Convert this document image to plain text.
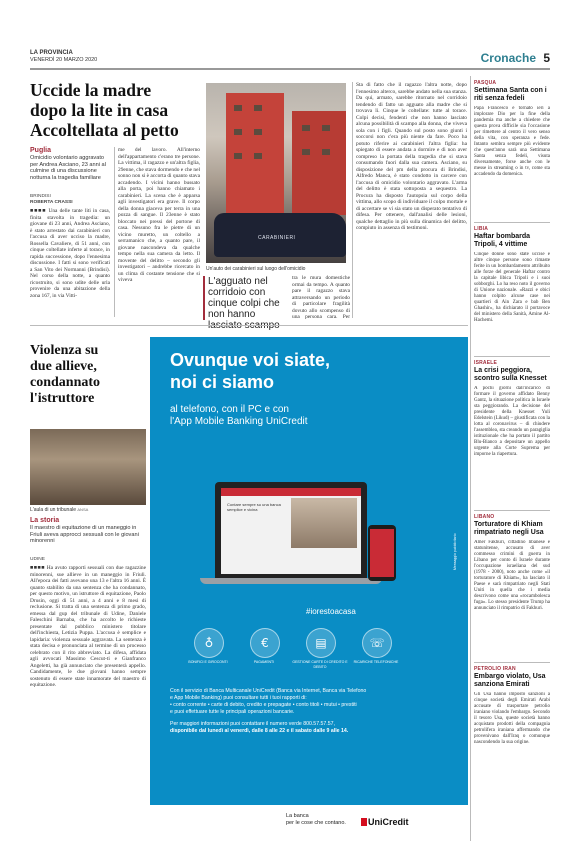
LA PROVINCIA
VENERDÌ 20 MARZO 2020	Cronache 5
Uccide la madre
dopo la lite in casa
Accoltellata al petto
Puglia
Omicidio volontario aggravato per Andrea Asciano, 23 anni al culmine di una discussione notturna la tragedia familiare
BRINDISI
ROBERTA CRASSI
■■■■ Una delle tante liti in casa, finita stavolta in tragedia: un giovane di 23 anni, Andrea Asciano, è stato arrestato dai carabinieri con l'accusa di aver ucciso la madre, Rossella Cavaliere, di 51 anni, con cinque coltellate inferte al torace, in rapida successione, dopo l'ennesima discussione. I fatti si sono verificati a San Vito dei Normanni (Brindisi). Nel corso della notte, a quanto ricostruito, si sono udite delle urla provenire da una abitazione della zona 167, in via Vitti-
me del lavoro. All'interno dell'appartamento c'erano tre persone. La vittima, il ragazzo e un'altra figlia, 29enne, che stava dormendo e che nel sonno non si è accorta di quanto stava accadendo. I vicini hanno bussato alla porta, poi hanno chiamato i carabinieri. La scena che è apparsa agli investigatori era grave. Il corpo della donna giaceva per terra in una pozza di sangue. Il 23enne è stato bloccato nei pressi del portone di casa. Nessuno fra le pietre di un vicino muretto, un coltello a serramanico che, a quanto pare, il giovane nascondeva da qualche tempo nella sua camera da letto. Il movente del delitto – secondo gli investigatori – andrebbe ricercato in un clima di costante tensione che si viveva
CARABINIERI
Un'auto dei carabinieri sul luogo dell'omicidio
L'agguato nel corridoio con cinque colpi che non hanno
tra le mura domestiche ormai da tempo. A quanto pare il ragazzo stava attraversando un periodo di particolare fragilità dovuto allo scompenso di una persona cara. Per
Sta di fatto che il ragazzo l'altra notte, dopo l'ennesimo alterco, sarebbe andato nella sua stanza. Da qui, armato, sarebbe ritornato nel corridoio tendendo di fatto un agguato alla madre che si trovava lì. Cinque le coltellate: tutte al torace. Colpi decisi, fendenti che non hanno lasciato alcuna possibilità di scampo alla donna, che viveva sola con i figli. Quando sul posto sono giunti i soccorsi non c'era più niente da fare. Poco ha potuto riferire ai carabinieri l'altra figlia: ha spiegato di essere andata a dormire e di non aver compreso la portata della tragedia che si stava consumando fuori dalla sua camera. Asciano, su disposizione del pm della procura di Brindisi, Alfredo Manca, è stato condotto in carcere con l'accusa di omicidio volontario aggravato. L'arma del delitto è stata sottoposta a sequestro. La Procura ha disposto l'autopsia sul corpo della vittima, allo scopo di individuare il colpo mortale e di accertare se vi sia stato un disperato tentativo di difesa. Per ottenere, dall'analisi delle lesioni, qualche dettaglio in più sulla dinamica del delitto, compiuto in assenza di testimoni.
Violenza su
due allieve,
condannato
l'istruttore
L'aula di un tribunale ANSA
La storia
Il maestro di equitazione di un maneggio in Friuli aveva approcci sessuali con le giovani minorenni
UDINE
■■■■ Ha avuto rapporti sessuali con due ragazzine minorenni, sue allieve in un maneggio in Friuli. All'epoca dei fatti avevano una 13 e l'altra 16 anni. È quanto stabilito da una sentenza che ha condannato, per questo motivo, un istruttore di equitazione, Paolo Drusin, oggi di 51 anni, a 4 anni e 8 mesi di reclusione. Si tratta di una sentenza di primo grado, emessa dal gup del tribunale di Udine, Daniele Faleschini Barnaba, che ha accolto le richieste presentate dal pubblico ministero titolare dell'inchiesta, Letizia Puppa. L'accusa è semplice e lapidaria: violenza sessuale aggravata. La sentenza è stata decisa e pronunciata al termine di un processo celebrato con il rito abbreviato. La difesa, affidata agli avvocati Massimo Cescut-ti e Gianfranco Angeletti, ha già annunciato che presenterà appello. Candidamente, le due giovani hanno sempre sostenuto di essere state innamorate del maestro di equitazione.
Ovunque voi siate,
noi ci siamo
al telefono, con il PC e con
l'App Mobile Banking UniCredit
Contare sempre su una banca semplice e vicina
#iorestoacasa
♁
BONIFICI E GIROCONTI
€
PAGAMENTI
▤
GESTIONE CARTE DI CREDITO E DEBITO
☏
RICARICHE TELEFONICHE
Con il servizio di Banca Multicanale UniCredit (Banca via Internet, Banca via Telefono
e App Mobile Banking) puoi consultare tutti i tuoi rapporti di:
• conto corrente • carte di debito, credito e prepagate • conto titoli • mutui • prestiti
e puoi effettuare tutte le principali operazioni bancarie.

Per maggiori informazioni puoi contattare il numero verde 800.57.57.57,
disponibile dal lunedì al venerdì, dalle 8 alle 22 e il sabato dalle 9 alle 14.
Messaggio pubblicitario
La banca
per le cose che contano. UniCredit
PASQUA
Settimana Santa con i riti senza fedeli
Papa Francesco è tornato ieri a implorare Dio per la fine della pandemia ma anche a chiedere che questa prova difficile sia l'occasione per rimettere al centro il vero senso della vita, con speranza e fede. Intanto sembra sempre più evidente che quest'anno sarà una Settimana Santa senza fedeli, visuta diversamente, forse anche con le messe in streaming o in tv, come sta accadendo da domenica.
LIBIA
Haftar bombarda Tripoli, 4 vittime
Cinque donne sono state uccise e altre cinque persone sono rimaste ferite in un bombardamento attribuito alle forze del generale Haftar contro la capitale libica Tripoli e i suoi sobborghi. Lo ha reso noto il governo di Unione nazionale. «Razzi e obici hanno colpito alcune case nei quartieri di Ain Zara e bab Ben Ghashir», ha dichiarato il portavoce del ministero della Sanità, Amine Al-Hachemi.
ISRAELE
La crisi peggiora, scontro sulla Knesset
A pochi giorni dall'incarico di formare il governo affidato Benny Gantz, la situazione politica in Israele sta peggiorando. La decisione del presidente della Knesset Yuli Edelstein (Likud) – giustificata con la lotta al coronavirus – di chiudere l'assemblea, sta creando un paragiglia istituzionale che ha portato il partito Blu-Bianco a depositare un appello urgente alla Corte Suprema per imporne la riapertura.
LIBANO
Torturatore di Khiam rimpatriato negli Usa
Amer Fakhuri, cittadino libanese e statunitense, accusato di aver commesso crimini di guerra in Libano per conto di Israele durante l'occupazione israeliana del sud (1978 - 2000), noto anche come «il torturatore di Khiam», ha lasciato il Paese e sarà rimpatriato negli Stati Uniti in quella che i media descrivono come una «rocambolesca fuga». Lo stesso presidente Trump ha annunciato il rimpatrio di Fakhuri.
PETROLIO IRAN
Embargo violato, Usa sanziona Emirati
Gli Usa hanno imposto sanzioni a cinque società degli Emirati Arabi accusate di trasportare petrolio iraniano violando l'embargo. Secondo il tesoro Usa, queste società hanno acquistato prodotti della compagnia petrolifera iraniana affermando che provenivano dall'Iraq o comunque nascondendo la sua origine.
